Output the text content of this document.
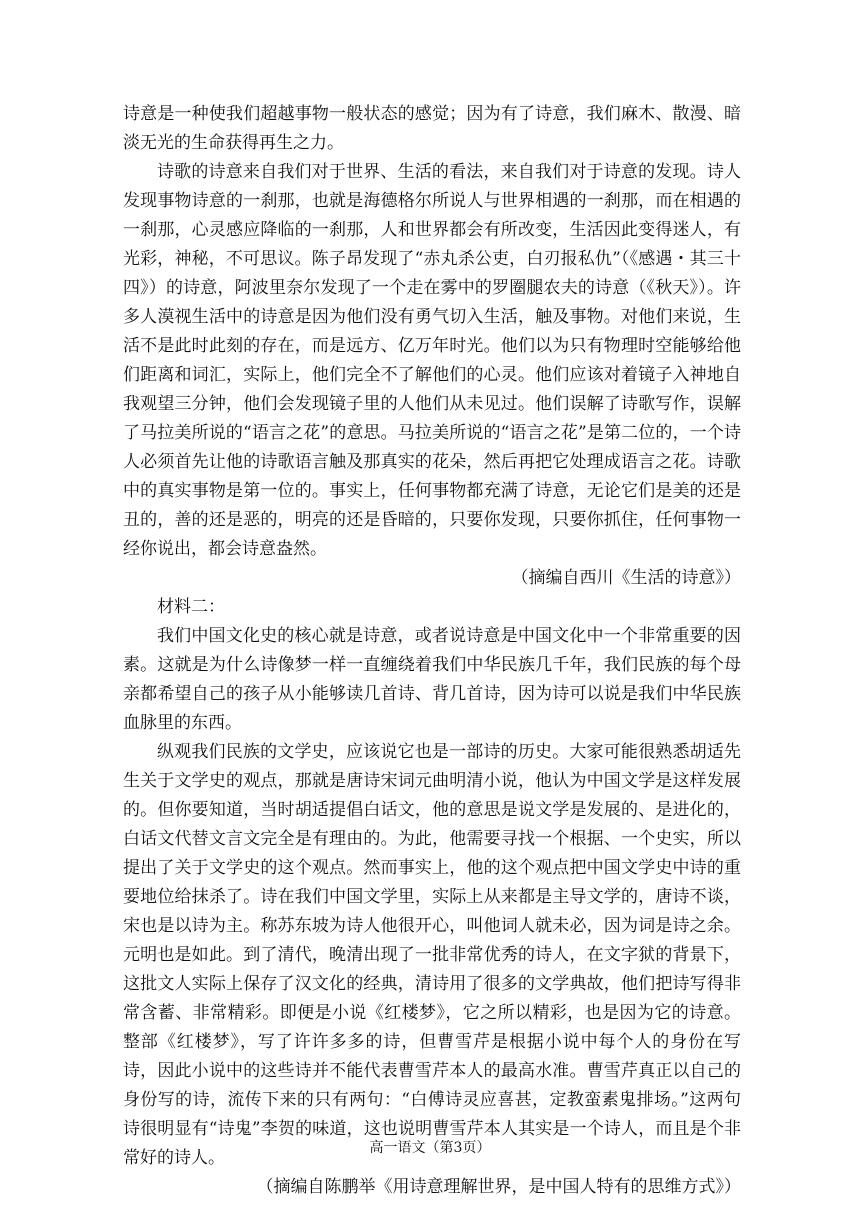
诗意是一种使我们超越事物一般状态的感觉；因为有了诗意，我们麻木、散漫、暗淡无光的生命获得再生之力。

诗歌的诗意来自我们对于世界、生活的看法，来自我们对于诗意的发现。诗人发现事物诗意的一刹那，也就是海德格尔所说人与世界相遇的一刹那，而在相遇的一刹那，心灵感应降临的一刹那，人和世界都会有所改变，生活因此变得迷人，有光彩，神秘，不可思议。陈子昂发现了“赤丸杀公吏，白刃报私仇”（《感遇・其三十四》）的诗意，阿波里奈尔发现了一个走在雾中的罗圈腿农夫的诗意（《秋天》）。许多人漠视生活中的诗意是因为他们没有勇气切入生活，触及事物。对他们来说，生活不是此时此刻的存在，而是远方、亿万年时光。他们以为只有物理时空能够给他们距离和词汇，实际上，他们完全不了解他们的心灵。他们应该对着镜子入神地自我观望三分钟，他们会发现镜子里的人他们从未见过。他们误解了诗歌写作，误解了马拉美所说的“语言之花”的意思。马拉美所说的“语言之花”是第二位的，一个诗人必须首先让他的诗歌语言触及那真实的花朵，然后再把它处理成语言之花。诗歌中的真实事物是第一位的。事实上，任何事物都充满了诗意，无论它们是美的还是丑的，善的还是恶的，明亮的还是昏暗的，只要你发现，只要你抓住，任何事物一经你说出，都会诗意盎然。

（摘编自西川《生活的诗意》）

材料二：

我们中国文化史的核心就是诗意，或者说诗意是中国文化中一个非常重要的因素。这就是为什么诗像梦一样一直缠绕着我们中华民族几千年，我们民族的每个母亲都希望自己的孩子从小能够读几首诗、背几首诗，因为诗可以说是我们中华民族血脉里的东西。

纵观我们民族的文学史，应该说它也是一部诗的历史。大家可能很熟悉胡适先生关于文学史的观点，那就是唐诗宋词元曲明清小说，他认为中国文学是这样发展的。但你要知道，当时胡适提倡白话文，他的意思是说文学是发展的、是进化的，白话文代替文言文完全是有理由的。为此，他需要寻找一个根据、一个史实，所以提出了关于文学史的这个观点。然而事实上，他的这个观点把中国文学史中诗的重要地位给抹杀了。诗在我们中国文学里，实际上从来都是主导文学的，唐诗不谈，宋也是以诗为主。称苏东坡为诗人他很开心，叫他词人就未必，因为词是诗之余。元明也是如此。到了清代，晚清出现了一批非常优秀的诗人，在文字狱的背景下，这批文人实际上保存了汉文化的经典，清诗用了很多的文学典故，他们把诗写得非常含蓄、非常精彩。即便是小说《红楼梦》，它之所以精彩，也是因为它的诗意。整部《红楼梦》，写了许许多多的诗，但曹雪芹是根据小说中每个人的身份在写诗，因此小说中的这些诗并不能代表曹雪芹本人的最高水准。曹雪芹真正以自己的身份写的诗，流传下来的只有两句：“白傅诗灵应喜甚，定教蛮素鬼排场。”这两句诗很明显有“诗鬼”李贺的味道，这也说明曹雪芹本人其实是一个诗人，而且是个非常好的诗人。

（摘编自陈鹏举《用诗意理解世界，是中国人特有的思维方式》）

高一语文（第3页）
